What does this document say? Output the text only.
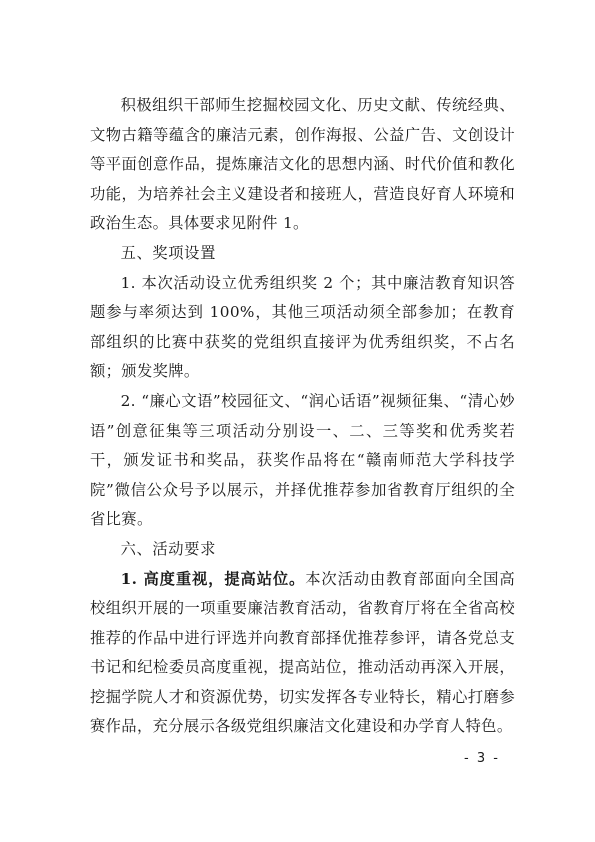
积极组织干部师生挖掘校园文化、历史文献、传统经典、文物古籍等蕴含的廉洁元素，创作海报、公益广告、文创设计等平面创意作品，提炼廉洁文化的思想内涵、时代价值和教化功能，为培养社会主义建设者和接班人，营造良好育人环境和政治生态。具体要求见附件 1。

五、奖项设置

1. 本次活动设立优秀组织奖 2 个；其中廉洁教育知识答题参与率须达到 100%，其他三项活动须全部参加；在教育部组织的比赛中获奖的党组织直接评为优秀组织奖，不占名额；颁发奖牌。

2. “廉心文语”校园征文、“润心话语”视频征集、“清心妙语”创意征集等三项活动分别设一、二、三等奖和优秀奖若干，颁发证书和奖品，获奖作品将在“赣南师范大学科技学院”微信公众号予以展示，并择优推荐参加省教育厅组织的全省比赛。

六、活动要求

1. 高度重视，提高站位。本次活动由教育部面向全国高校组织开展的一项重要廉洁教育活动，省教育厅将在全省高校推荐的作品中进行评选并向教育部择优推荐参评，请各党总支书记和纪检委员高度重视，提高站位，推动活动再深入开展，挖掘学院人才和资源优势，切实发挥各专业特长，精心打磨参赛作品，充分展示各级党组织廉洁文化建设和办学育人特色。

- 3 -
